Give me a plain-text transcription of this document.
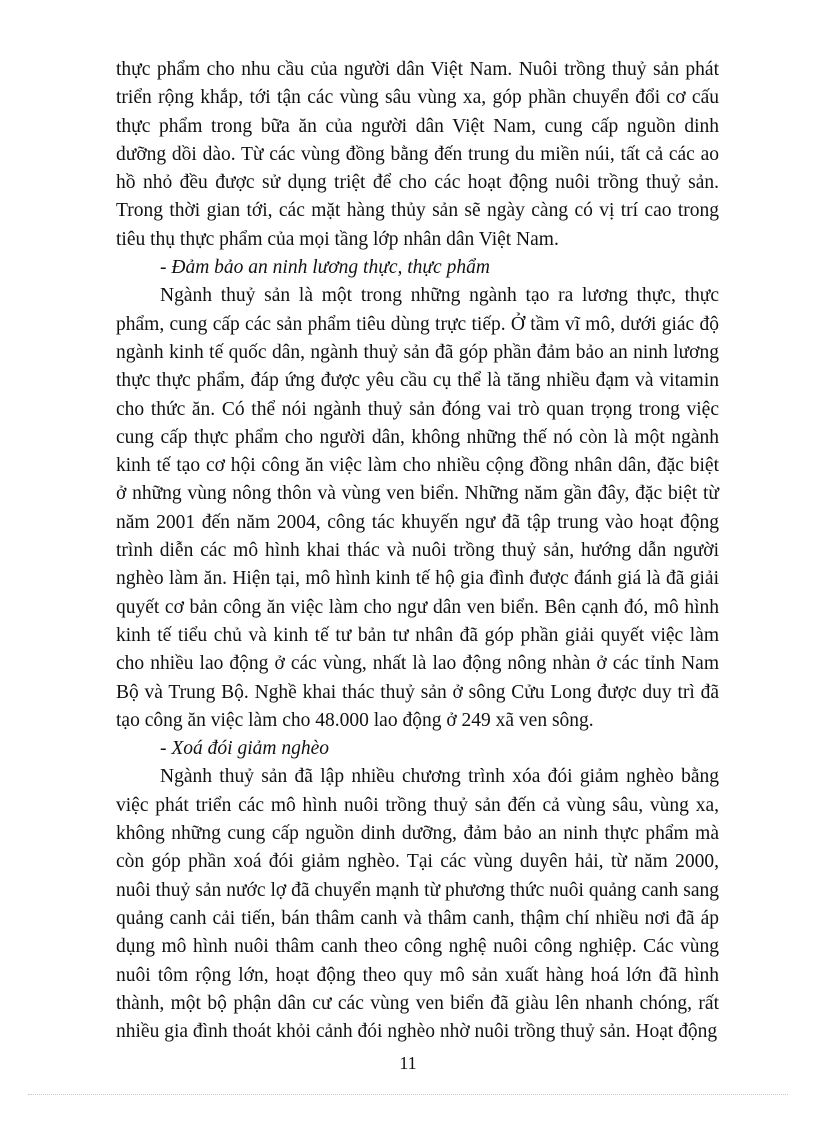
thực phẩm cho nhu cầu của người dân Việt Nam. Nuôi trồng thuỷ sản phát triển rộng khắp, tới tận các vùng sâu vùng xa, góp phần chuyển đổi cơ cấu thực phẩm trong bữa ăn của người dân Việt Nam, cung cấp nguồn dinh dưỡng dồi dào. Từ các vùng đồng bằng đến trung du miền núi, tất cả các ao hồ nhỏ đều được sử dụng triệt để cho các hoạt động nuôi trồng thuỷ sản. Trong thời gian tới, các mặt hàng thủy sản sẽ ngày càng có vị trí cao trong tiêu thụ thực phẩm của mọi tầng lớp nhân dân Việt Nam.

- Đảm bảo an ninh lương thực, thực phẩm

Ngành thuỷ sản là một trong những ngành tạo ra lương thực, thực phẩm, cung cấp các sản phẩm tiêu dùng trực tiếp. Ở tầm vĩ mô, dưới giác độ ngành kinh tế quốc dân, ngành thuỷ sản đã góp phần đảm bảo an ninh lương thực thực phẩm, đáp ứng được yêu cầu cụ thể là tăng nhiều đạm và vitamin cho thức ăn. Có thể nói ngành thuỷ sản đóng vai trò quan trọng trong việc cung cấp thực phẩm cho người dân, không những thế nó còn là một ngành kinh tế tạo cơ hội công ăn việc làm cho nhiều cộng đồng nhân dân, đặc biệt ở những vùng nông thôn và vùng ven biển. Những năm gần đây, đặc biệt từ năm 2001 đến năm 2004, công tác khuyến ngư đã tập trung vào hoạt động trình diễn các mô hình khai thác và nuôi trồng thuỷ sản, hướng dẫn người nghèo làm ăn. Hiện tại, mô hình kinh tế hộ gia đình được đánh giá là đã giải quyết cơ bản công ăn việc làm cho ngư dân ven biển. Bên cạnh đó, mô hình kinh tế tiểu chủ và kinh tế tư bản tư nhân đã góp phần giải quyết việc làm cho nhiều lao động ở các vùng, nhất là lao động nông nhàn ở các tỉnh Nam Bộ và Trung Bộ. Nghề khai thác thuỷ sản ở sông Cửu Long được duy trì đã tạo công ăn việc làm cho 48.000 lao động ở 249 xã ven sông.

- Xoá đói giảm nghèo

Ngành thuỷ sản đã lập nhiều chương trình xóa đói giảm nghèo bằng việc phát triển các mô hình nuôi trồng thuỷ sản đến cả vùng sâu, vùng xa, không những cung cấp nguồn dinh dưỡng, đảm bảo an ninh thực phẩm mà còn góp phần xoá đói giảm nghèo. Tại các vùng duyên hải, từ năm 2000, nuôi thuỷ sản nước lợ đã chuyển mạnh từ phương thức nuôi quảng canh sang quảng canh cải tiến, bán thâm canh và thâm canh, thậm chí nhiều nơi đã áp dụng mô hình nuôi thâm canh theo công nghệ nuôi công nghiệp. Các vùng nuôi tôm rộng lớn, hoạt động theo quy mô sản xuất hàng hoá lớn đã hình thành, một bộ phận dân cư các vùng ven biển đã giàu lên nhanh chóng, rất nhiều gia đình thoát khỏi cảnh đói nghèo nhờ nuôi trồng thuỷ sản. Hoạt động

11
